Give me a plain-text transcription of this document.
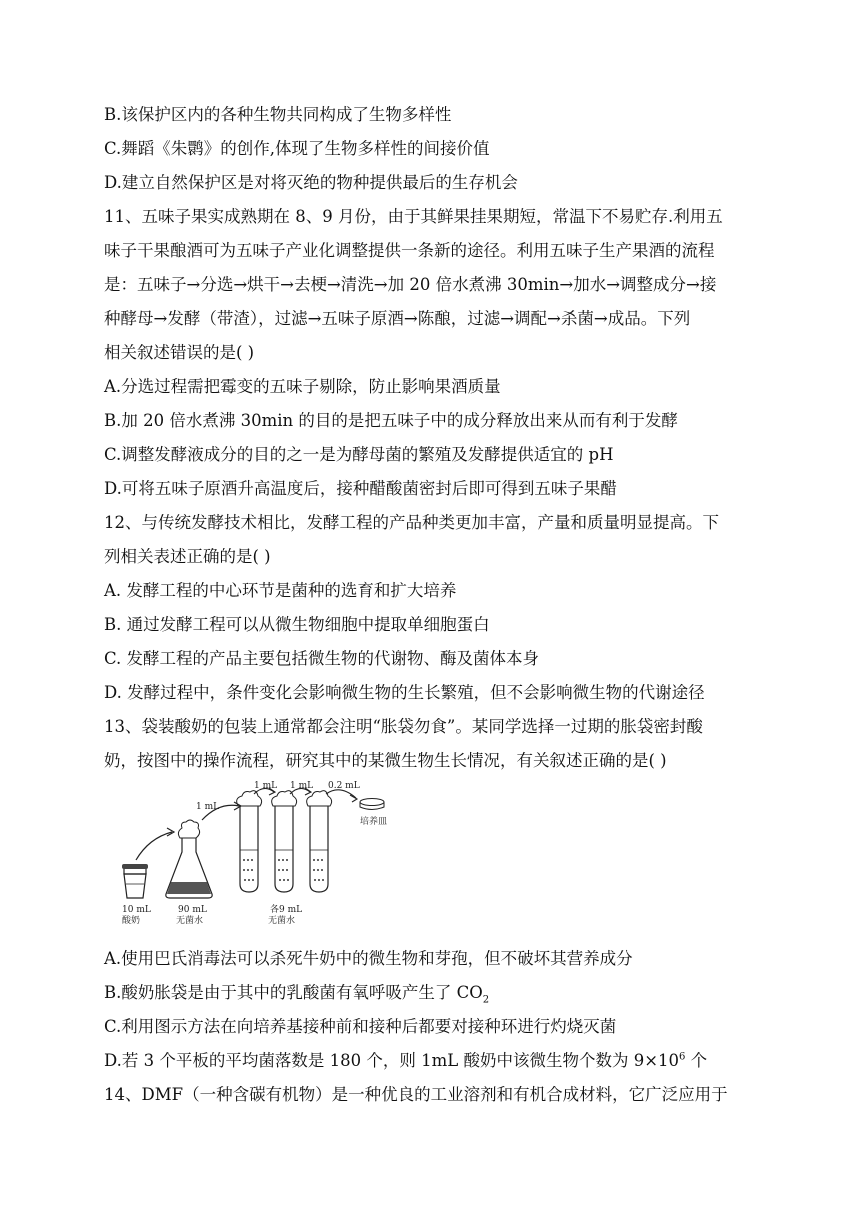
B.该保护区内的各种生物共同构成了生物多样性
C.舞蹈《朱鹮》的创作,体现了生物多样性的间接价值
D.建立自然保护区是对将灭绝的物种提供最后的生存机会
11、五味子果实成熟期在 8、9 月份，由于其鲜果挂果期短，常温下不易贮存.利用五
味子干果酿酒可为五味子产业化调整提供一条新的途径。利用五味子生产果酒的流程
是：五味子→分选→烘干→去梗→清洗→加 20 倍水煮沸 30min→加水→调整成分→接
种酵母→发酵（带渣），过滤→五味子原酒→陈酿，过滤→调配→杀菌→成品。下列
相关叙述错误的是( )
A.分选过程需把霉变的五味子剔除，防止影响果酒质量
B.加 20 倍水煮沸 30min 的目的是把五味子中的成分释放出来从而有利于发酵
C.调整发酵液成分的目的之一是为酵母菌的繁殖及发酵提供适宜的 pH
D.可将五味子原酒升高温度后，接种醋酸菌密封后即可得到五味子果醋
12、与传统发酵技术相比，发酵工程的产品种类更加丰富，产量和质量明显提高。下
列相关表述正确的是( )
A. 发酵工程的中心环节是菌种的选育和扩大培养
B. 通过发酵工程可以从微生物细胞中提取单细胞蛋白
C. 发酵工程的产品主要包括微生物的代谢物、酶及菌体本身
D. 发酵过程中，条件变化会影响微生物的生长繁殖，但不会影响微生物的代谢途径
13、袋装酸奶的包装上通常都会注明“胀袋勿食”。某同学选择一过期的胀袋密封酸
奶，按图中的操作流程，研究其中的某微生物生长情况，有关叙述正确的是( )
10 mL
酸奶
90 mL
无菌水
1 mL
1 mL 1 mL 0.2 mL
培养皿
各9 mL
无菌水
A.使用巴氏消毒法可以杀死牛奶中的微生物和芽孢，但不破坏其营养成分
B.酸奶胀袋是由于其中的乳酸菌有氧呼吸产生了 $CO_2$
C.利用图示方法在向培养基接种前和接种后都要对接种环进行灼烧灭菌
D.若 3 个平板的平均菌落数是 180 个，则 1mL 酸奶中该微生物个数为 $9\times 10^6$ 个
14、DMF（一种含碳有机物）是一种优良的工业溶剂和有机合成材料，它广泛应用于
